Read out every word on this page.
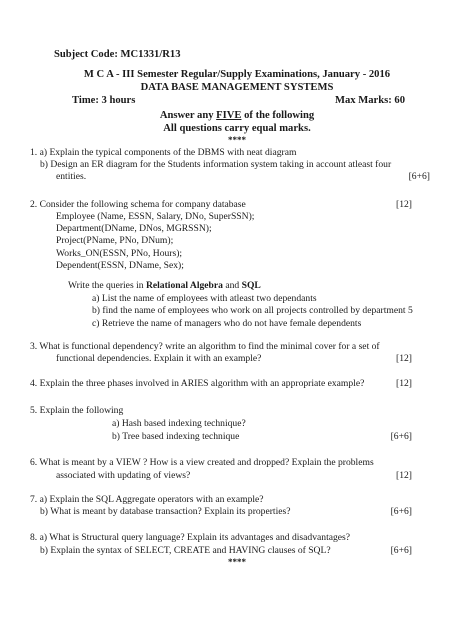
Subject Code: MC1331/R13
M C A - III Semester Regular/Supply Examinations, January - 2016
DATA BASE MANAGEMENT SYSTEMS
Time: 3 hours	Max Marks: 60
Answer any FIVE of the following
All questions carry equal marks.
****
1. a) Explain the typical components of the DBMS with neat diagram
b) Design an ER diagram for the Students information system taking in account atleast four
entities.	[6+6]
2. Consider the following schema for company database	[12]
Employee (Name, ESSN, Salary, DNo, SuperSSN);
Department(DName, DNos, MGRSSN);
Project(PName, PNo, DNum);
Works_ON(ESSN, PNo, Hours);
Dependent(ESSN, DName, Sex);
Write the queries in Relational Algebra and SQL
a) List the name of employees with atleast two dependants
b) find the name of employees who work on all projects controlled by department 5
c) Retrieve the name of managers who do not have female dependents
3. What is functional dependency? write an algorithm to find the minimal cover for a set of
functional dependencies. Explain it with an example?	[12]
4. Explain the three phases involved in ARIES algorithm with an appropriate example?	[12]
5. Explain the following
a) Hash based indexing technique?
b) Tree based indexing technique	[6+6]
6. What is meant by a VIEW ? How is a view created and dropped? Explain the problems
associated with updating of views?	[12]
7. a) Explain the SQL Aggregate operators with an example?
b) What is meant by database transaction? Explain its properties?	[6+6]
8. a) What is Structural query language? Explain its advantages and disadvantages?
b) Explain the syntax of SELECT, CREATE and HAVING clauses of SQL?	[6+6]
****
